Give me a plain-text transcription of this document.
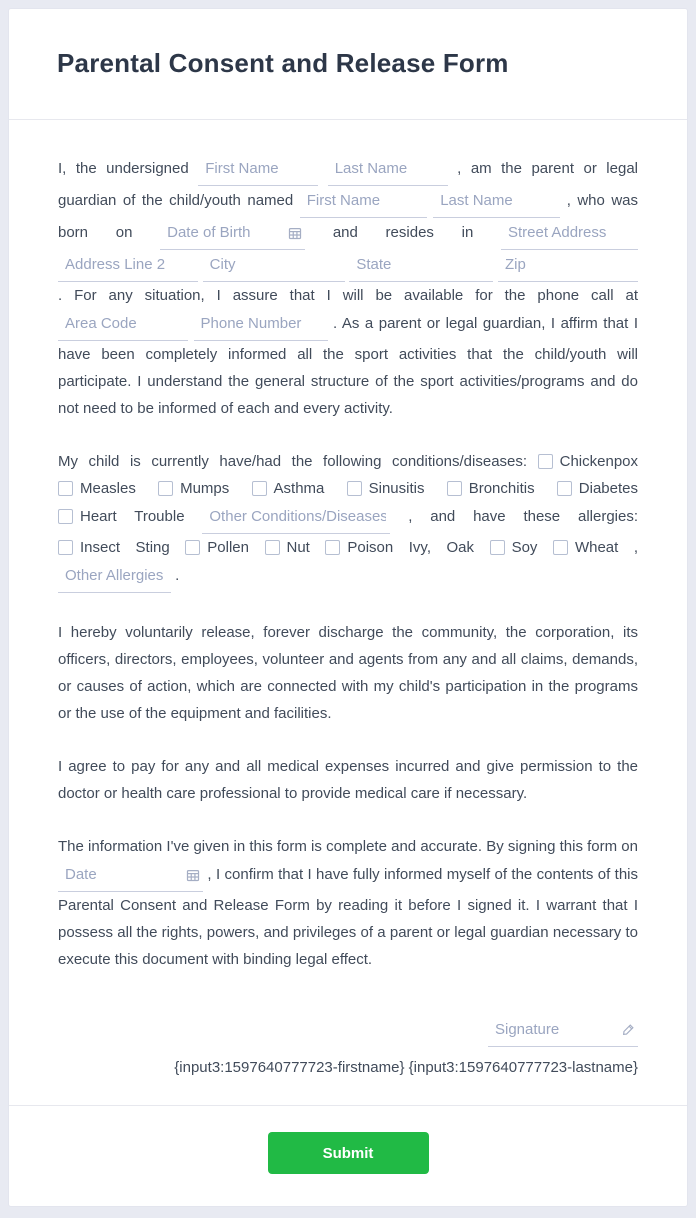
Parental Consent and Release Form

I, the undersigned First Name Last Name	, am the parent or legal guardian of the child/youth named First Name Last Name	, who was born on
Date of Birth	and resides in Street Address Address Line 2 City State Zip . For any situation, I assure that I will be available for the phone call at Area Code Phone Number . As a parent or legal guardian, I affirm that I have been completely informed all the sport activities that the child/youth will participate. I understand the general structure of the sport activities/programs and do not need to be informed of each and every activity.

My child is currently have/had the following conditions/diseases: Chickenpox Measles	Mumps	Asthma	Sinusitis	Bronchitis	Diabetes Heart Trouble Other Conditions/Diseases	, and have these allergies: Insect Sting	Pollen	Nut	Poison Ivy, Oak	Soy	Wheat , Other Allergies .

I hereby voluntarily release, forever discharge the community, the corporation, its officers, directors, employees, volunteer and agents from any and all claims, demands, or causes of action, which are connected with my child's participation in the programs or the use of the equipment and facilities.

I agree to pay for any and all medical expenses incurred and give permission to the doctor or health care professional to provide medical care if necessary.

The information I've given in this form is complete and accurate. By signing this form on
Date
, I confirm that I have fully informed myself of the contents of this Parental Consent and Release Form by reading it before I signed it. I warrant that I possess all the rights, powers, and privileges of a parent or legal guardian necessary to execute this document with binding legal effect.

Signature
{input3:1597640777723-firstname} {input3:1597640777723-lastname}
Submit
